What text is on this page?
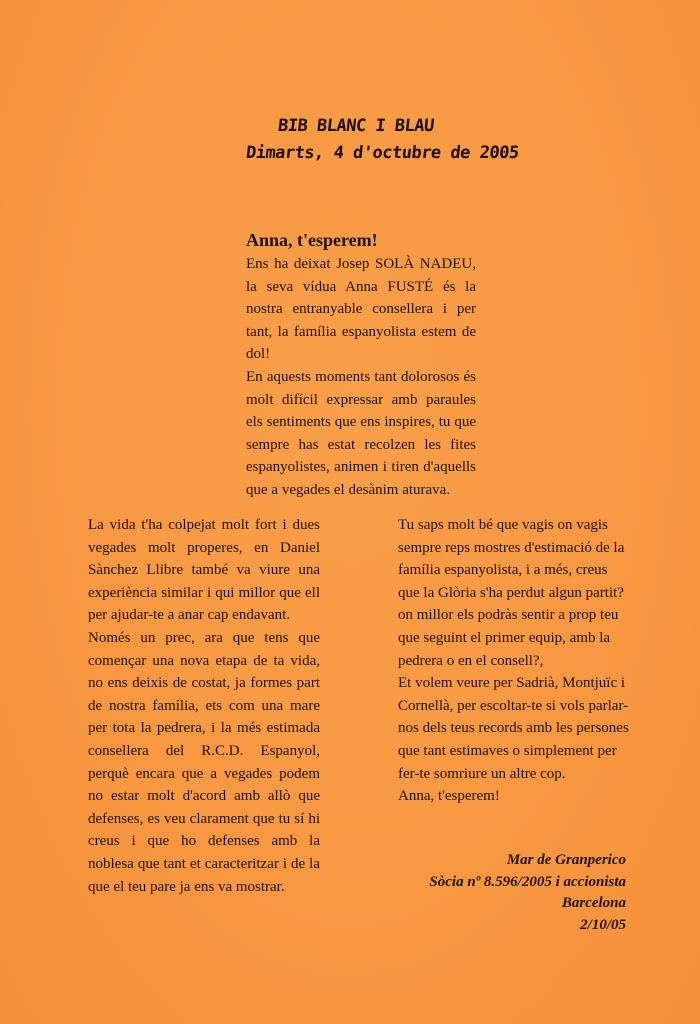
BIB BLANC I BLAU
Dimarts, 4 d'octubre de 2005
Anna, t'esperem!

Ens ha deixat Josep SOLÀ NADEU, la seva vídua Anna FUSTÉ és la nostra entranyable consellera i per tant, la família espanyolista estem de dol!

En aquests moments tant dolorosos és molt difícil expressar amb paraules els sentiments que ens inspires, tu que sempre has estat recolzen les fites espanyolistes, animen i tiren d'aquells que a vegades el desànim aturava.

La vida t'ha colpejat molt fort i dues vegades molt properes, en Daniel Sànchez Llibre també va viure una experiència similar i qui millor que ell per ajudar-te a anar cap endavant.

Només un prec, ara que tens que començar una nova etapa de ta vida, no ens deixis de costat, ja formes part de nostra família, ets com una mare per tota la pedrera, i la més estimada consellera del R.C.D. Espanyol, perquè encara que a vegades podem no estar molt d'acord amb allò que defenses, es veu clarament que tu sí hi creus i que ho defenses amb la noblesa que tant et caracteritzar i de la que el teu pare ja ens va mostrar.

Tu saps molt bé que vagis on vagis sempre reps mostres d'estimació de la família espanyolista, i a més, creus que la Glòria s'ha perdut algun partit? on millor els podràs sentir a prop teu que seguint el primer equip, amb la pedrera o en el consell?,

Et volem veure per Sadrià, Montjuïc i Cornellà, per escoltar-te si vols parlar-nos dels teus records amb les persones que tant estimaves o simplement per fer-te somriure un altre cop.

Anna, t'esperem!

Mar de Granperico
Sòcia nº 8.596/2005 i accionista
Barcelona
2/10/05
